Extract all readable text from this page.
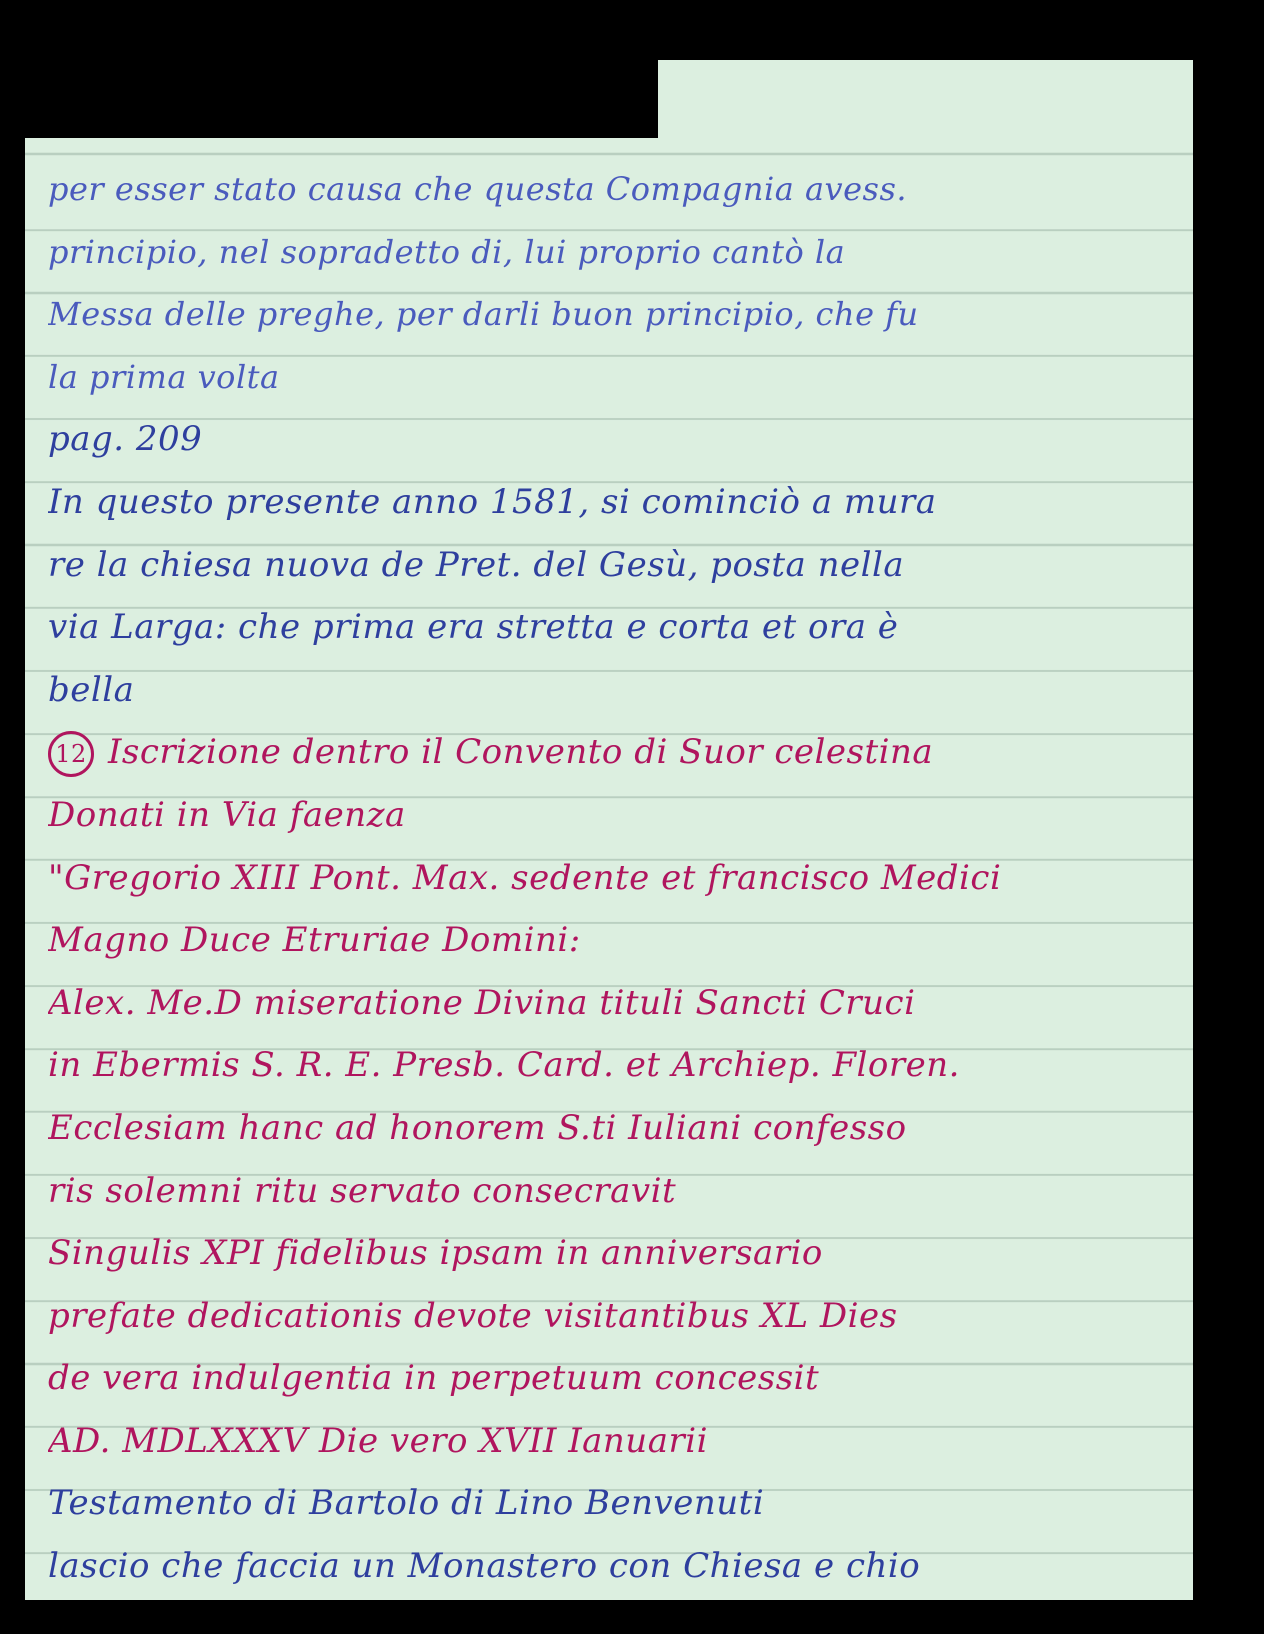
per esser stato causa che questa Compagnia avess.
principio, nel sopradetto di, lui proprio cantò la
Messa delle preghe, per darli buon principio, che fu
la prima volta
pag. 209
In questo presente anno 1581, si cominciò a mura
re la chiesa nuova de Pret. del Gesù, posta nella
via Larga: che prima era stretta e corta et ora è
bella
12 Iscrizione dentro il Convento di Suor celestina
Donati in Via faenza
"Gregorio XIII Pont. Max. sedente et francisco Medici
Magno Duce Etruriae Domini:
Alex. Me.D miseratione Divina tituli Sancti Cruci
in Ebermis S. R. E. Presb. Card. et Archiep. Floren.
Ecclesiam hanc ad honorem S.ti Iuliani confesso
ris solemni ritu servato consecravit
Singulis XPI fidelibus ipsam in anniversario
prefate dedicationis devote visitantibus XL Dies
de vera indulgentia in perpetuum concessit
AD. MDLXXXV Die vero XVII Ianuarii
Testamento di Bartolo di Lino Benvenuti
lascio che faccia un Monastero con Chiesa e chio
